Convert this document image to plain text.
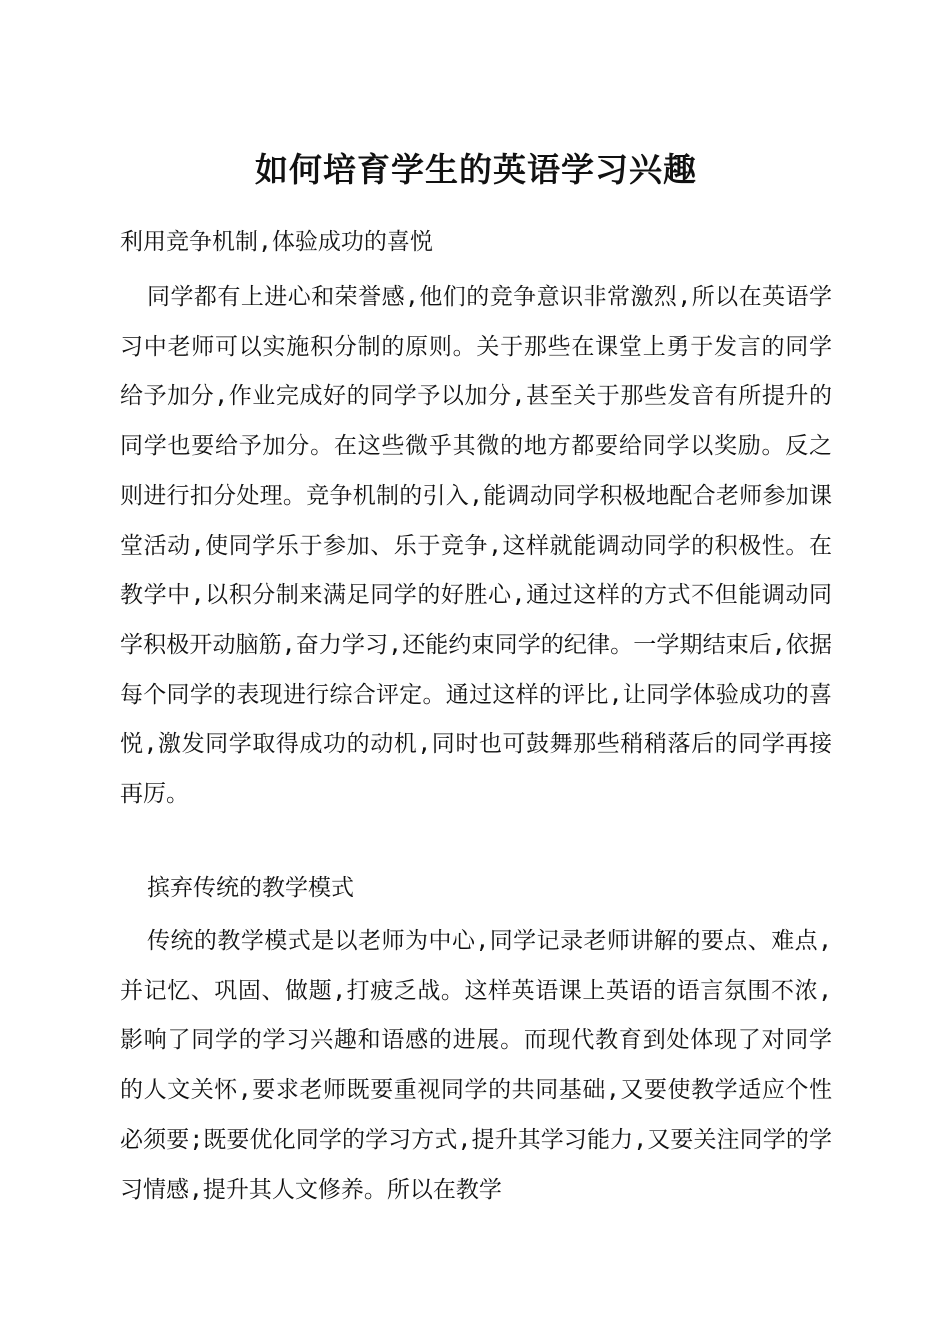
如何培育学生的英语学习兴趣

利用竞争机制,体验成功的喜悦

同学都有上进心和荣誉感,他们的竞争意识非常激烈,所以在英语学习中老师可以实施积分制的原则。关于那些在课堂上勇于发言的同学给予加分,作业完成好的同学予以加分,甚至关于那些发音有所提升的同学也要给予加分。在这些微乎其微的地方都要给同学以奖励。反之则进行扣分处理。竞争机制的引入,能调动同学积极地配合老师参加课堂活动,使同学乐于参加、乐于竞争,这样就能调动同学的积极性。在教学中,以积分制来满足同学的好胜心,通过这样的方式不但能调动同学积极开动脑筋,奋力学习,还能约束同学的纪律。一学期结束后,依据每个同学的表现进行综合评定。通过这样的评比,让同学体验成功的喜悦,激发同学取得成功的动机,同时也可鼓舞那些稍稍落后的同学再接再厉。

摈弃传统的教学模式

传统的教学模式是以老师为中心,同学记录老师讲解的要点、难点,并记忆、巩固、做题,打疲乏战。这样英语课上英语的语言氛围不浓,影响了同学的学习兴趣和语感的进展。而现代教育到处体现了对同学的人文关怀,要求老师既要重视同学的共同基础,又要使教学适应个性必须要;既要优化同学的学习方式,提升其学习能力,又要关注同学的学习情感,提升其人文修养。所以在教学
